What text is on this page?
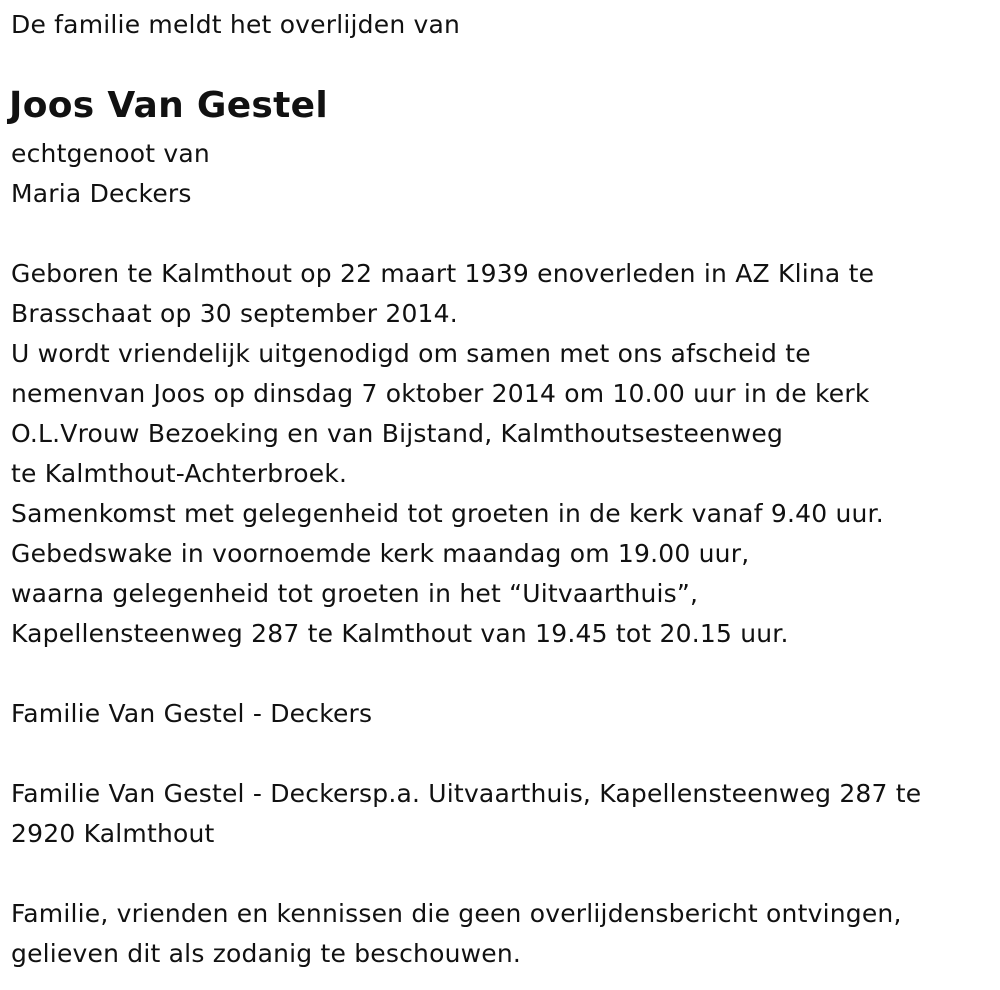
De familie meldt het overlijden van

Joos Van Gestel

echtgenoot van

Maria Deckers

Geboren te Kalmthout op 22 maart 1939 enoverleden in AZ Klina te

Brasschaat op 30 september 2014.

U wordt vriendelijk uitgenodigd om samen met ons afscheid te

nemenvan Joos op dinsdag 7 oktober 2014 om 10.00 uur in de kerk

O.L.Vrouw Bezoeking en van Bijstand, Kalmthoutsesteenweg

te Kalmthout-Achterbroek.

Samenkomst met gelegenheid tot groeten in de kerk vanaf 9.40 uur.

Gebedswake in voornoemde kerk maandag om 19.00 uur,

waarna gelegenheid tot groeten in het “Uitvaarthuis”,

Kapellensteenweg 287 te Kalmthout van 19.45 tot 20.15 uur.

Familie Van Gestel - Deckers

Familie Van Gestel - Deckersp.a. Uitvaarthuis, Kapellensteenweg 287 te

2920 Kalmthout

Familie, vrienden en kennissen die geen overlijdensbericht ontvingen,

gelieven dit als zodanig te beschouwen.
